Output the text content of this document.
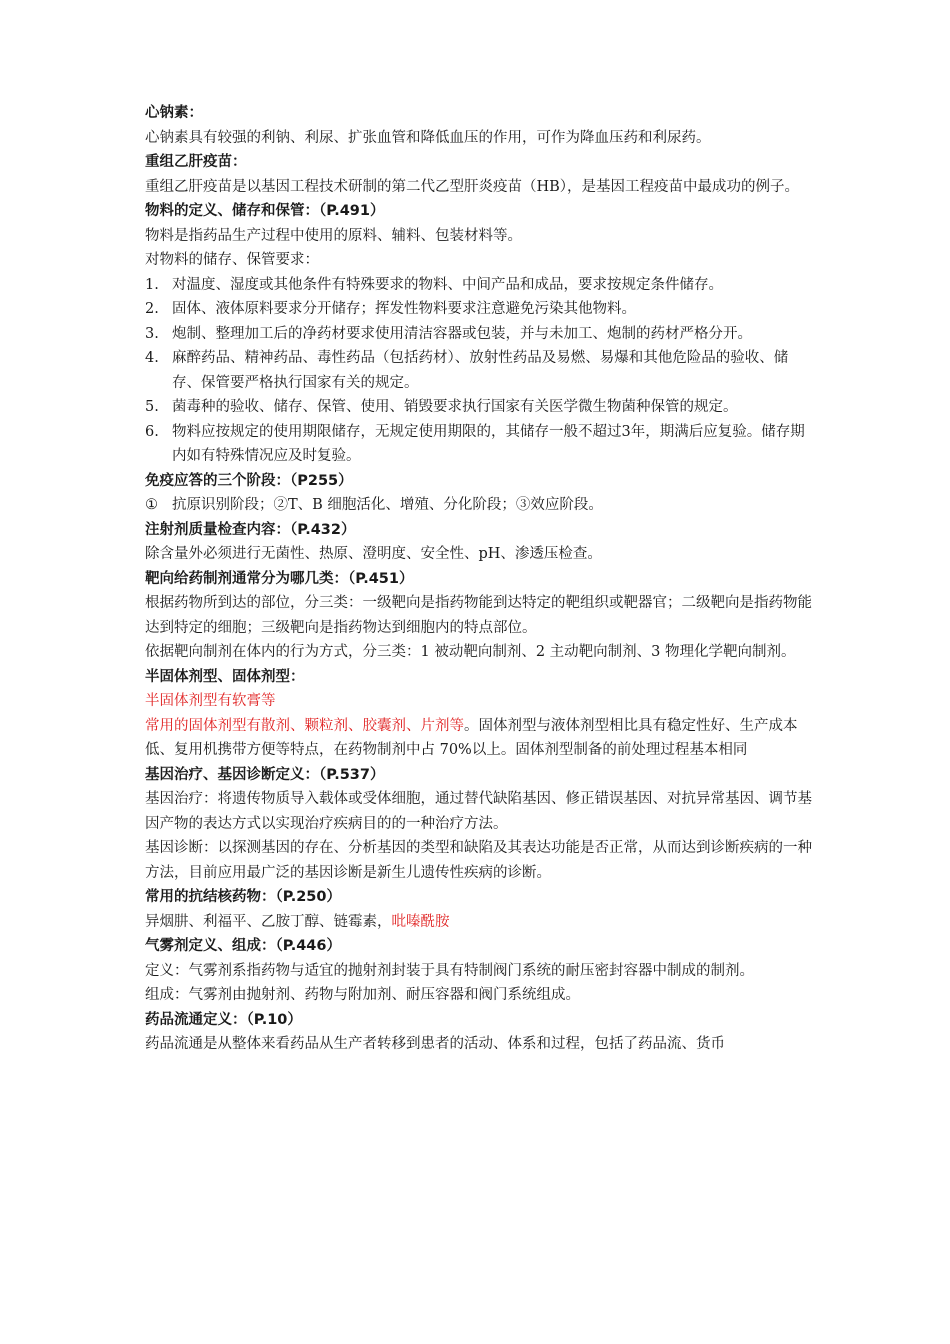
心钠素：
心钠素具有较强的利钠、利尿、扩张血管和降低血压的作用，可作为降血压药和利尿药。
重组乙肝疫苗：
重组乙肝疫苗是以基因工程技术研制的第二代乙型肝炎疫苗（HB），是基因工程疫苗中最成功的例子。
物料的定义、储存和保管：（P.491）
物料是指药品生产过程中使用的原料、辅料、包装材料等。
对物料的储存、保管要求：
1. 对温度、湿度或其他条件有特殊要求的物料、中间产品和成品，要求按规定条件储存。
2. 固体、液体原料要求分开储存；挥发性物料要求注意避免污染其他物料。
3. 炮制、整理加工后的净药材要求使用清洁容器或包装，并与未加工、炮制的药材严格分开。
4. 麻醉药品、精神药品、毒性药品（包括药材）、放射性药品及易燃、易爆和其他危险品的验收、储存、保管要严格执行国家有关的规定。
5. 菌毒种的验收、储存、保管、使用、销毁要求执行国家有关医学微生物菌种保管的规定。
6. 物料应按规定的使用期限储存，无规定使用期限的，其储存一般不超过3年，期满后应复验。储存期内如有特殊情况应及时复验。
免疫应答的三个阶段：（P255）
① 抗原识别阶段；②T、B 细胞活化、增殖、分化阶段；③效应阶段。
注射剂质量检查内容：（P.432）
除含量外必须进行无菌性、热原、澄明度、安全性、pH、渗透压检查。
靶向给药制剂通常分为哪几类：（P.451）
根据药物所到达的部位，分三类：一级靶向是指药物能到达特定的靶组织或靶器官；二级靶向是指药物能达到特定的细胞；三级靶向是指药物达到细胞内的特点部位。
依据靶向制剂在体内的行为方式，分三类：1 被动靶向制剂、2 主动靶向制剂、3 物理化学靶向制剂。
半固体剂型、固体剂型：
半固体剂型有软膏等
常用的固体剂型有散剂、颗粒剂、胶囊剂、片剂等。固体剂型与液体剂型相比具有稳定性好、生产成本低、复用机携带方便等特点，在药物制剂中占 70%以上。固体剂型制备的前处理过程基本相同
基因治疗、基因诊断定义：（P.537）
基因治疗：将遗传物质导入载体或受体细胞，通过替代缺陷基因、修正错误基因、对抗异常基因、调节基因产物的表达方式以实现治疗疾病目的的一种治疗方法。
基因诊断：以探测基因的存在、分析基因的类型和缺陷及其表达功能是否正常，从而达到诊断疾病的一种方法，目前应用最广泛的基因诊断是新生儿遗传性疾病的诊断。
常用的抗结核药物：（P.250）
异烟肼、利福平、乙胺丁醇、链霉素，吡嗪酰胺
气雾剂定义、组成：（P.446）
定义：气雾剂系指药物与适宜的抛射剂封装于具有特制阀门系统的耐压密封容器中制成的制剂。
组成：气雾剂由抛射剂、药物与附加剂、耐压容器和阀门系统组成。
药品流通定义：（P.10）
药品流通是从整体来看药品从生产者转移到患者的活动、体系和过程，包括了药品流、货币
